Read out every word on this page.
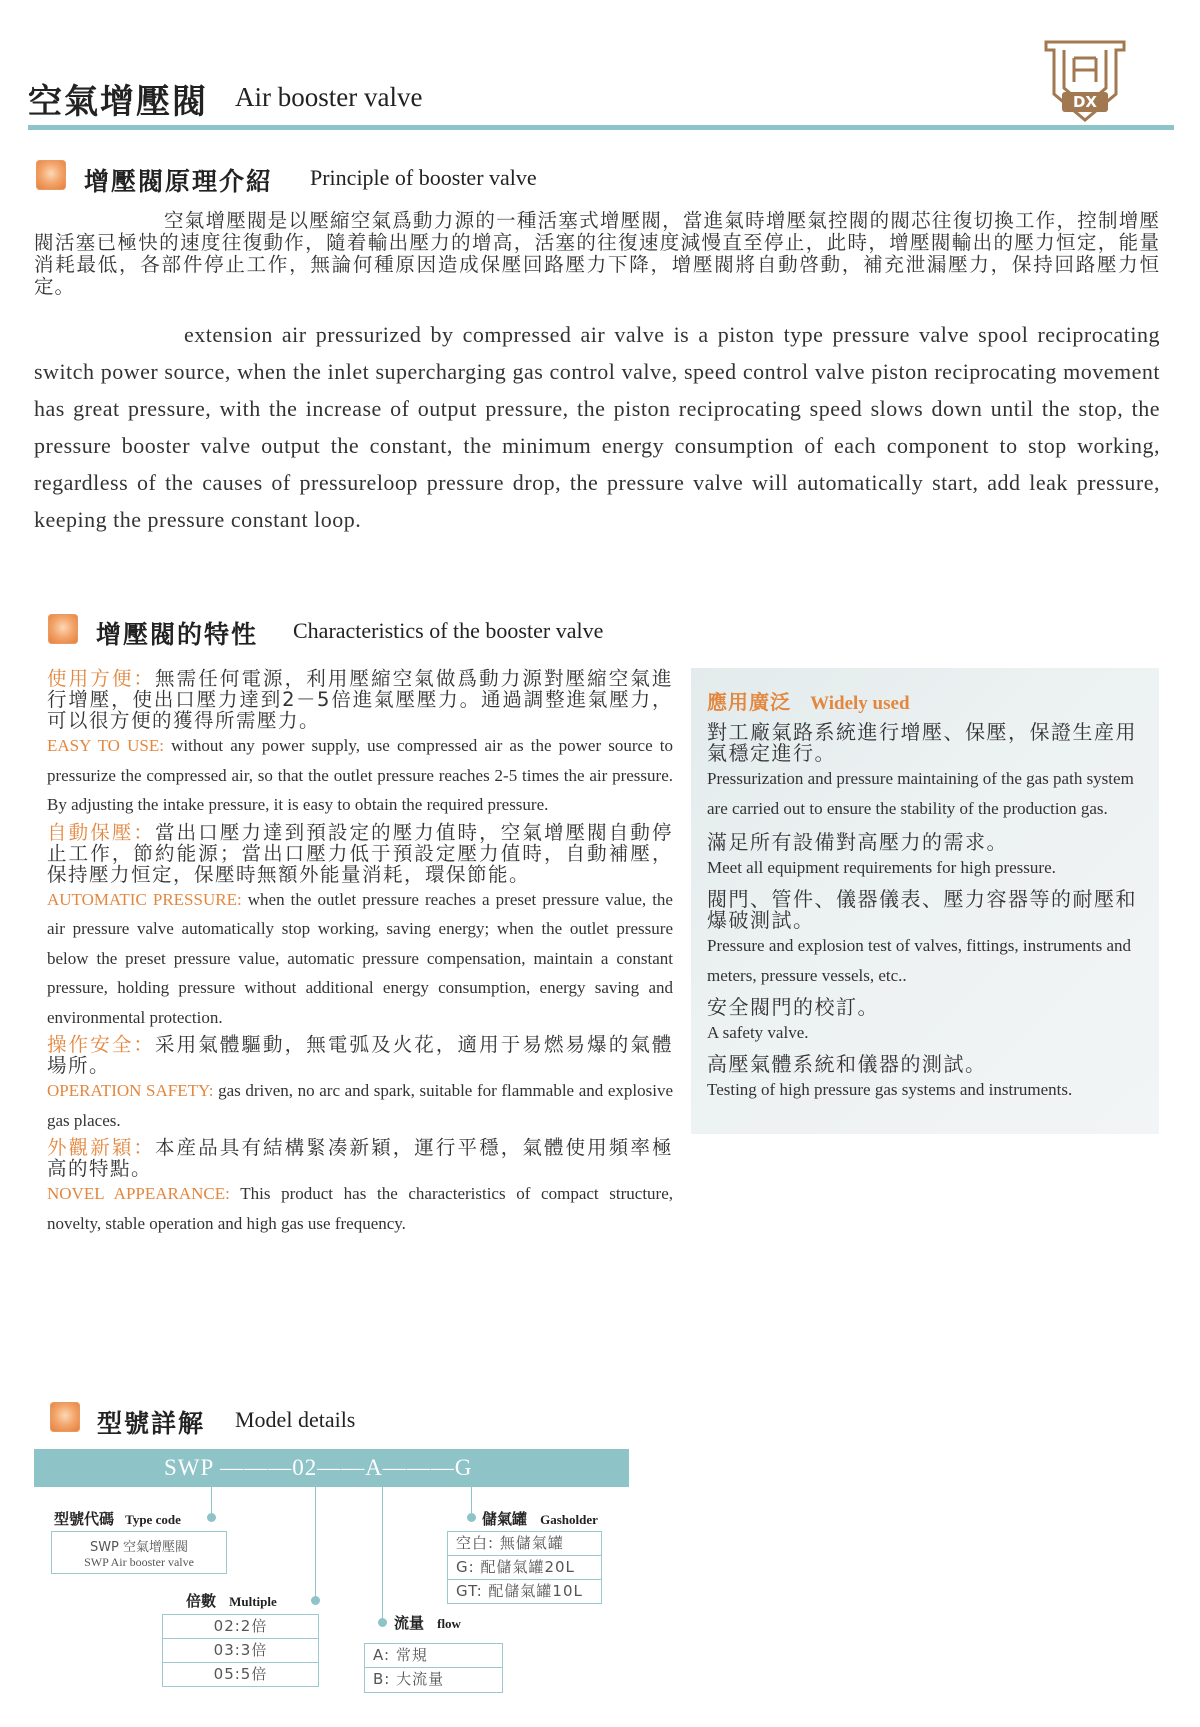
空氣增壓閥 Air booster valve	DX
增壓閥原理介紹 Principle of booster valve
空氣增壓閥是以壓縮空氣爲動力源的一種活塞式增壓閥，當進氣時增壓氣控閥的閥芯往復切換工作，控制增壓閥活塞已極快的速度往復動作，隨着輸出壓力的增高，活塞的往復速度減慢直至停止，此時，增壓閥輸出的壓力恒定，能量消耗最低，各部件停止工作，無論何種原因造成保壓回路壓力下降，增壓閥將自動啓動，補充泄漏壓力，保持回路壓力恒定。
extension air pressurized by compressed air valve is a piston type pressure valve spool reciprocating switch power source, when the inlet supercharging gas control valve, speed control valve piston reciprocating movement has great pressure, with the increase of output pressure, the piston reciprocating speed slows down until the stop, the pressure booster valve output the constant, the minimum energy consumption of each component to stop working, regardless of the causes of pressureloop pressure drop, the pressure valve will automatically start, add leak pressure, keeping the pressure constant loop.
增壓閥的特性 Characteristics of the booster valve
使用方便：無需任何電源，利用壓縮空氣做爲動力源對壓縮空氣進行增壓，使出口壓力達到2－5倍進氣壓壓力。通過調整進氣壓力，可以很方便的獲得所需壓力。
EASY TO USE: without any power supply, use compressed air as the power source to pressurize the compressed air, so that the outlet pressure reaches 2-5 times the air pressure. By adjusting the intake pressure, it is easy to obtain the required pressure.
自動保壓：當出口壓力達到預設定的壓力值時，空氣增壓閥自動停止工作，節約能源；當出口壓力低于預設定壓力值時，自動補壓，保持壓力恒定，保壓時無額外能量消耗，環保節能。
AUTOMATIC PRESSURE: when the outlet pressure reaches a preset pressure value, the air pressure valve automatically stop working, saving energy; when the outlet pressure below the preset pressure value, automatic pressure compensation, maintain a constant pressure, holding pressure without additional energy consumption, energy saving and environmental protection.
操作安全：采用氣體驅動，無電弧及火花，適用于易燃易爆的氣體場所。
OPERATION SAFETY: gas driven, no arc and spark, suitable for flammable and explosive gas places.
外觀新穎：本産品具有結構緊凑新穎，運行平穩，氣體使用頻率極高的特點。
NOVEL APPEARANCE: This product has the characteristics of compact structure, novelty, stable operation and high gas use frequency.
應用廣泛 Widely used
對工廠氣路系統進行增壓、保壓，保證生産用氣穩定進行。
Pressurization and pressure maintaining of the gas path system are carried out to ensure the stability of the production gas.
滿足所有設備對高壓力的需求。
Meet all equipment requirements for high pressure.
閥門、管件、儀器儀表、壓力容器等的耐壓和爆破測試。
Pressure and explosion test of valves, fittings, instruments and meters, pressure vessels, etc..
安全閥門的校訂。
A safety valve.
高壓氣體系統和儀器的測試。
Testing of high pressure gas systems and instruments.
型號詳解 Model details
SWP ———02——A———G
型號代碼 Type code
SWP 空氣增壓閥
SWP Air booster valve
倍數 Multiple
02:2倍
03:3倍
05:5倍
流量 flow
A: 常規
B: 大流量
儲氣罐 Gasholder
空白: 無儲氣罐
G: 配儲氣罐20L
GT: 配儲氣罐10L
